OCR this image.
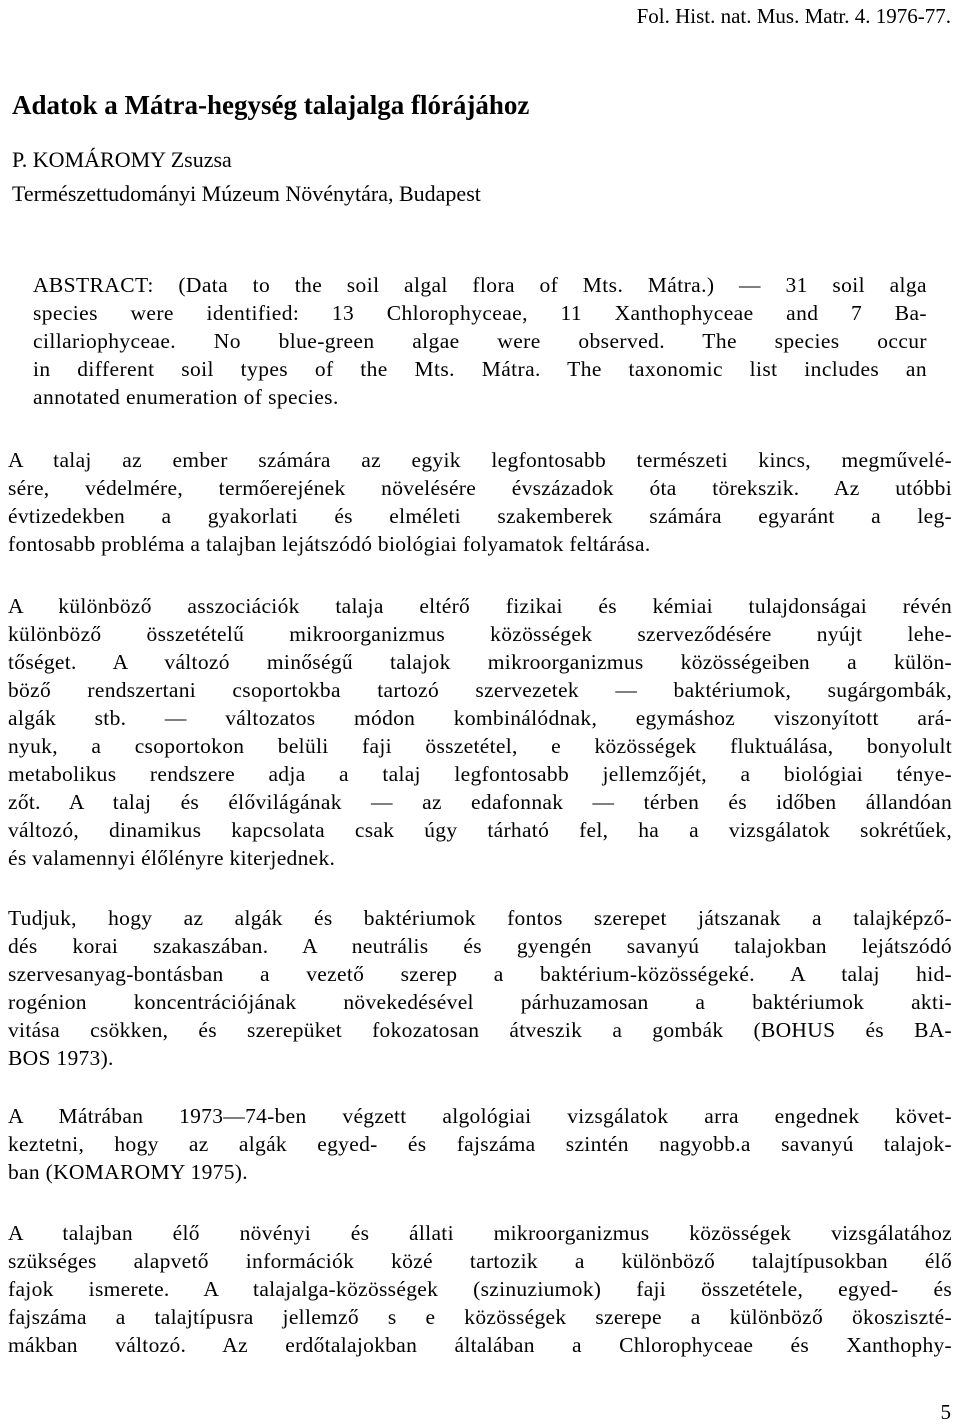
Fol. Hist. nat. Mus. Matr. 4. 1976-77.
Adatok a Mátra-hegység talajalga flórájához
P. KOMÁROMY Zsuzsa
Természettudományi Múzeum Növénytára, Budapest
ABSTRACT: (Data to the soil algal flora of Mts. Mátra.) — 31 soil alga
species were identified: 13 Chlorophyceae, 11 Xanthophyceae and 7 Ba-
cillariophyceae. No blue-green algae were observed. The species occur
in different soil types of the Mts. Mátra. The taxonomic list includes an
annotated enumeration of species.
A talaj az ember számára az egyik legfontosabb természeti kincs, megművelé-
sére, védelmére, termőerejének növelésére évszázadok óta törekszik. Az utóbbi
évtizedekben a gyakorlati és elméleti szakemberek számára egyaránt a leg-
fontosabb probléma a talajban lejátszódó biológiai folyamatok feltárása.
A különböző asszociációk talaja eltérő fizikai és kémiai tulajdonságai révén
különböző összetételű mikroorganizmus közösségek szerveződésére nyújt lehe-
tőséget. A változó minőségű talajok mikroorganizmus közösségeiben a külön-
böző rendszertani csoportokba tartozó szervezetek — baktériumok, sugárgombák,
algák stb. — változatos módon kombinálódnak, egymáshoz viszonyított ará-
nyuk, a csoportokon belüli faji összetétel, e közösségek fluktuálása, bonyolult
metabolikus rendszere adja a talaj legfontosabb jellemzőjét, a biológiai ténye-
zőt. A talaj és élővilágának — az edafonnak — térben és időben állandóan
változó, dinamikus kapcsolata csak úgy tárható fel, ha a vizsgálatok sokrétűek,
és valamennyi élőlényre kiterjednek.
Tudjuk, hogy az algák és baktériumok fontos szerepet játszanak a talajképző-
dés korai szakaszában. A neutrális és gyengén savanyú talajokban lejátszódó
szervesanyag-bontásban a vezető szerep a baktérium-közösségeké. A talaj hid-
rogénion koncentrációjának növekedésével párhuzamosan a baktériumok akti-
vitása csökken, és szerepüket fokozatosan átveszik a gombák (BOHUS és BA-
BOS 1973).
A Mátrában 1973—74-ben végzett algológiai vizsgálatok arra engednek követ-
keztetni, hogy az algák egyed- és fajszáma szintén nagyobb.a savanyú talajok-
ban (KOMAROMY 1975).
A talajban élő növényi és állati mikroorganizmus közösségek vizsgálatához
szükséges alapvető információk közé tartozik a különböző talajtípusokban élő
fajok ismerete. A talajalga-közösségek (szinuziumok) faji összetétele, egyed- és
fajszáma a talajtípusra jellemző s e közösségek szerepe a különböző ökosziszté-
mákban változó. Az erdőtalajokban általában a Chlorophyceae és Xanthophy-
5
